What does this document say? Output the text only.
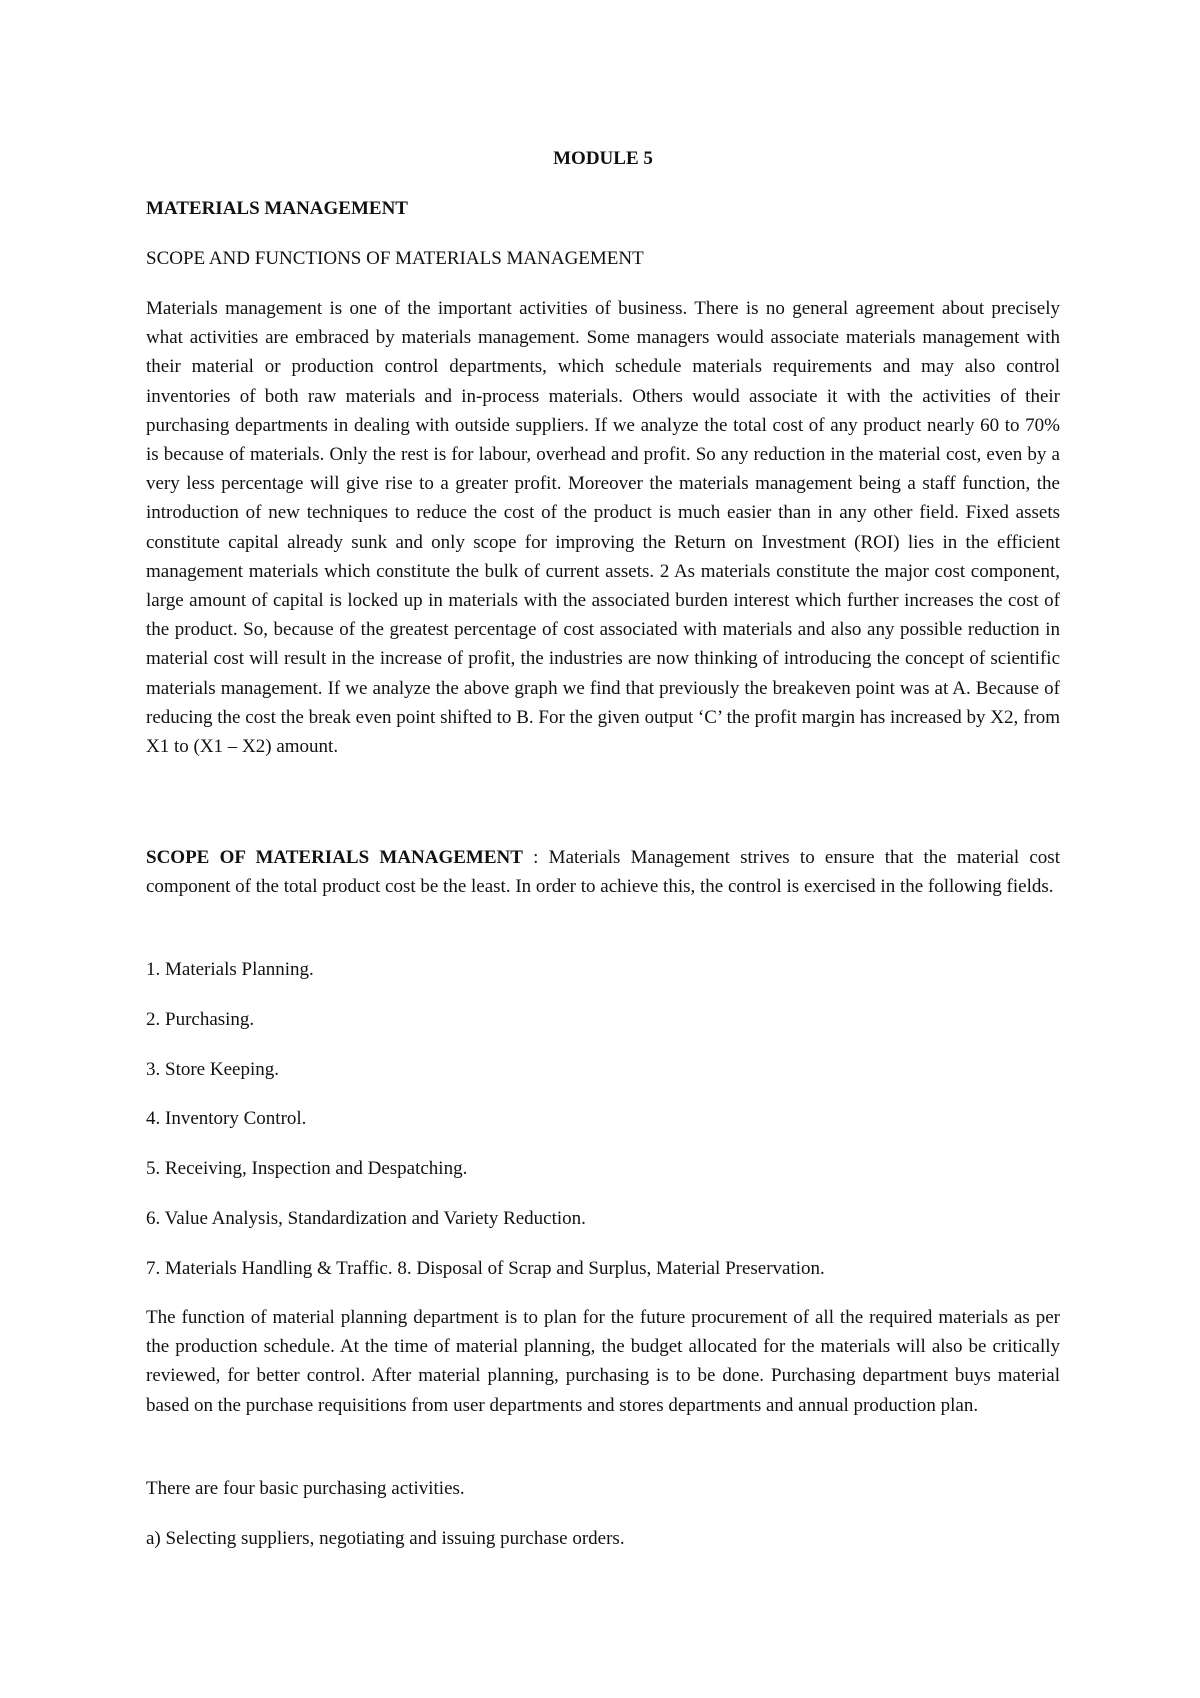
MODULE 5
MATERIALS MANAGEMENT

SCOPE AND FUNCTIONS OF MATERIALS MANAGEMENT

Materials management is one of the important activities of business. There is no general agreement about precisely what activities are embraced by materials management. Some managers would associate materials management with their material or production control departments, which schedule materials requirements and may also control inventories of both raw materials and in-process materials. Others would associate it with the activities of their purchasing departments in dealing with outside suppliers. If we analyze the total cost of any product nearly 60 to 70% is because of materials. Only the rest is for labour, overhead and profit. So any reduction in the material cost, even by a very less percentage will give rise to a greater profit. Moreover the materials management being a staff function, the introduction of new techniques to reduce the cost of the product is much easier than in any other field. Fixed assets constitute capital already sunk and only scope for improving the Return on Investment (ROI) lies in the efficient management materials which constitute the bulk of current assets. 2 As materials constitute the major cost component, large amount of capital is locked up in materials with the associated burden interest which further increases the cost of the product. So, because of the greatest percentage of cost associated with materials and also any possible reduction in material cost will result in the increase of profit, the industries are now thinking of introducing the concept of scientific materials management. If we analyze the above graph we find that previously the breakeven point was at A. Because of reducing the cost the break even point shifted to B. For the given output ‘C’ the profit margin has increased by X2, from X1 to (X1 – X2) amount.

SCOPE OF MATERIALS MANAGEMENT : Materials Management strives to ensure that the material cost component of the total product cost be the least. In order to achieve this, the control is exercised in the following fields.

1. Materials Planning.

2. Purchasing.

3. Store Keeping.

4. Inventory Control.

5. Receiving, Inspection and Despatching.

6. Value Analysis, Standardization and Variety Reduction.

7. Materials Handling & Traffic. 8. Disposal of Scrap and Surplus, Material Preservation.

The function of material planning department is to plan for the future procurement of all the required materials as per the production schedule. At the time of material planning, the budget allocated for the materials will also be critically reviewed, for better control. After material planning, purchasing is to be done. Purchasing department buys material based on the purchase requisitions from user departments and stores departments and annual production plan.

There are four basic purchasing activities.

a) Selecting suppliers, negotiating and issuing purchase orders.
